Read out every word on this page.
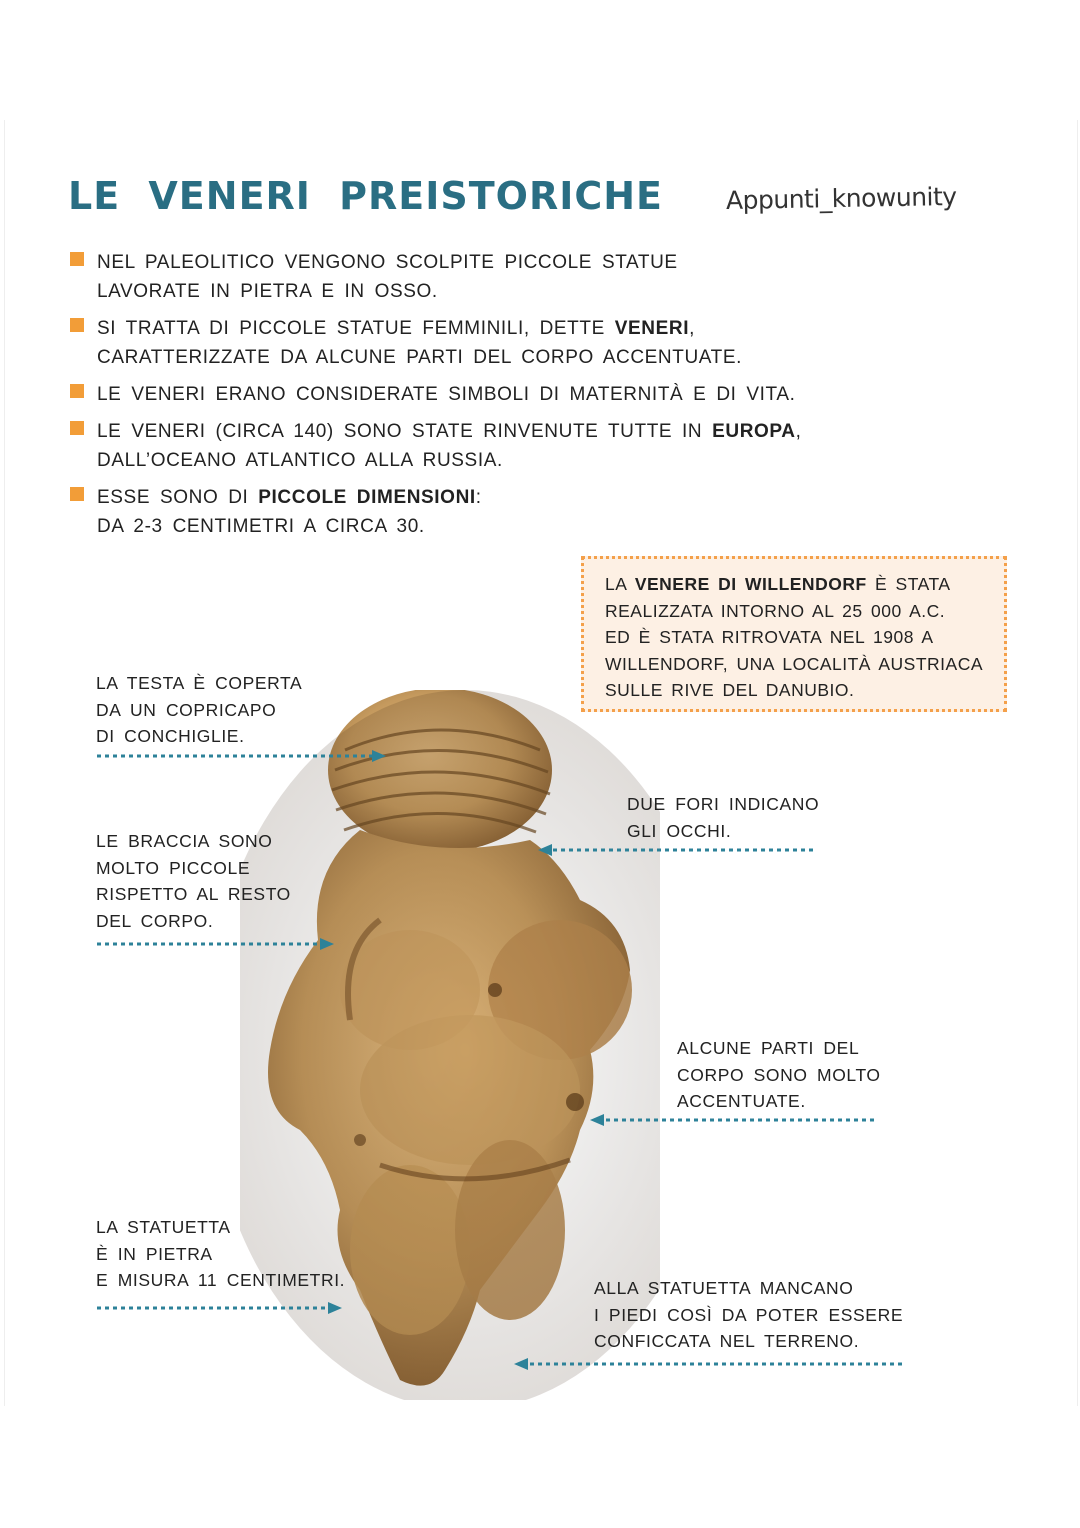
LE VENERI PREISTORICHE	Appunti_knowunity
NEL PALEOLITICO VENGONO SCOLPITE PICCOLE STATUE
LAVORATE IN PIETRA E IN OSSO.
SI TRATTA DI PICCOLE STATUE FEMMINILI, DETTE VENERI,
CARATTERIZZATE DA ALCUNE PARTI DEL CORPO ACCENTUATE.
LE VENERI ERANO CONSIDERATE SIMBOLI DI MATERNITÀ E DI VITA.
LE VENERI (CIRCA 140) SONO STATE RINVENUTE TUTTE IN EUROPA,
DALL’OCEANO ATLANTICO ALLA RUSSIA.
ESSE SONO DI PICCOLE DIMENSIONI:
DA 2-3 CENTIMETRI A CIRCA 30.
LA VENERE DI WILLENDORF È STATA
REALIZZATA INTORNO AL 25 000 A.C.
ED È STATA RITROVATA NEL 1908 A
WILLENDORF, UNA LOCALITÀ AUSTRIACA
SULLE RIVE DEL DANUBIO.
LA TESTA È COPERTA
DA UN COPRICAPO
DI CONCHIGLIE.
DUE FORI INDICANO
GLI OCCHI.
LE BRACCIA SONO
MOLTO PICCOLE
RISPETTO AL RESTO
DEL CORPO.
ALCUNE PARTI DEL
CORPO SONO MOLTO
ACCENTUATE.
LA STATUETTA
È IN PIETRA
E MISURA 11 CENTIMETRI.	ALLA STATUETTA MANCANO
I PIEDI COSÌ DA POTER ESSERE
CONFICCATA NEL TERRENO.
